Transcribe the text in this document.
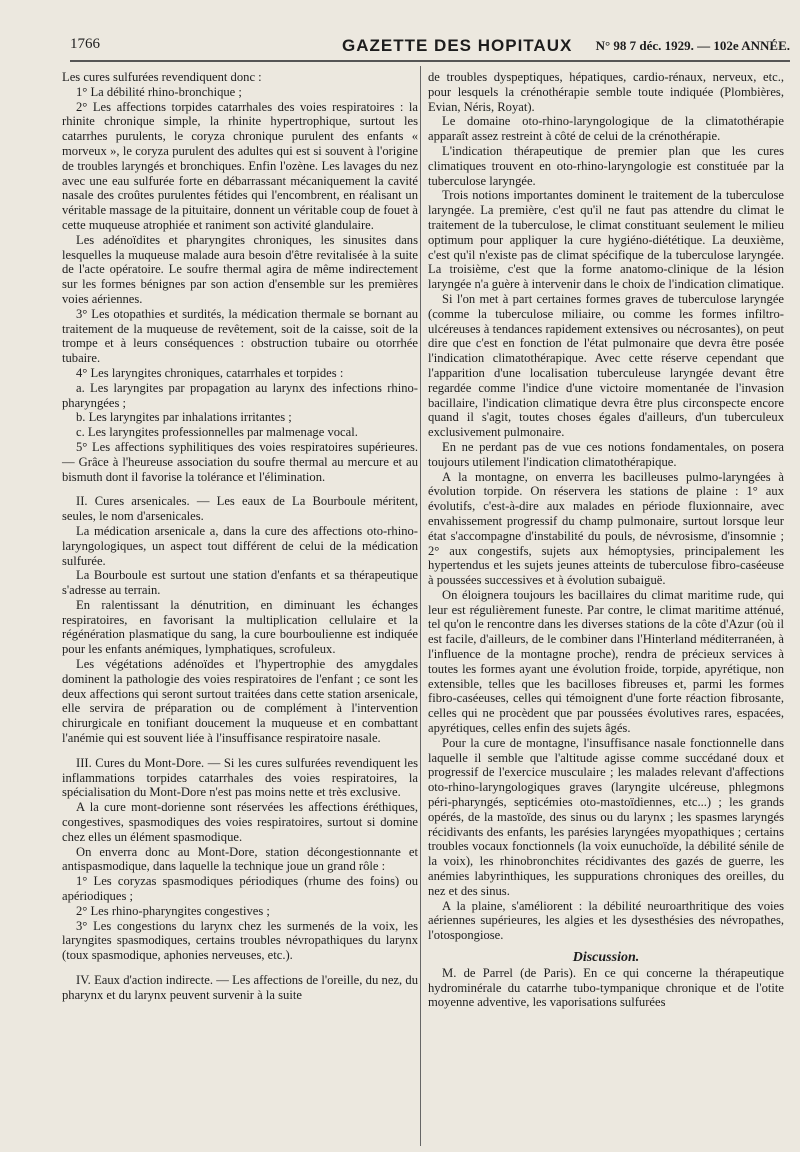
1766	GAZETTE DES HOPITAUX N° 98 7 déc. 1929. — 102e ANNÉE.

Les cures sulfurées revendiquent donc :

1° La débilité rhino-bronchique ;

2° Les affections torpides catarrhales des voies respiratoires : la rhinite chronique simple, la rhinite hypertrophique, surtout les catarrhes purulents, le coryza chronique purulent des enfants « morveux », le coryza purulent des adultes qui est si souvent à l'origine de troubles laryngés et bronchiques. Enfin l'ozène. Les lavages du nez avec une eau sulfurée forte en débarrassant mécaniquement la cavité nasale des croûtes purulentes fétides qui l'encombrent, en réalisant un véritable massage de la pituitaire, donnent un véritable coup de fouet à cette muqueuse atrophiée et raniment son activité glandulaire.

Les adénoïdites et pharyngites chroniques, les sinusites dans lesquelles la muqueuse malade aura besoin d'être revitalisée à la suite de l'acte opératoire. Le soufre thermal agira de même indirectement sur les formes bénignes par son action d'ensemble sur les premières voies aériennes.

3° Les otopathies et surdités, la médication thermale se bornant au traitement de la muqueuse de revêtement, soit de la caisse, soit de la trompe et à leurs conséquences : obstruction tubaire ou otorrhée tubaire.

4° Les laryngites chroniques, catarrhales et torpides :

a. Les laryngites par propagation au larynx des infections rhino-pharyngées ;

b. Les laryngites par inhalations irritantes ;

c. Les laryngites professionnelles par malmenage vocal.

5° Les affections syphilitiques des voies respiratoires supérieures. — Grâce à l'heureuse association du soufre thermal au mercure et au bismuth dont il favorise la tolérance et l'élimination.

II. Cures arsenicales. — Les eaux de La Bourboule méritent, seules, le nom d'arsenicales.

La médication arsenicale a, dans la cure des affections oto-rhino-laryngologiques, un aspect tout différent de celui de la médication sulfurée.

La Bourboule est surtout une station d'enfants et sa thérapeutique s'adresse au terrain.

En ralentissant la dénutrition, en diminuant les échanges respiratoires, en favorisant la multiplication cellulaire et la régénération plasmatique du sang, la cure bourboulienne est indiquée pour les enfants anémiques, lymphatiques, scrofuleux.

Les végétations adénoïdes et l'hypertrophie des amygdales dominent la pathologie des voies respiratoires de l'enfant ; ce sont les deux affections qui seront surtout traitées dans cette station arsenicale, elle servira de préparation ou de complément à l'intervention chirurgicale en tonifiant doucement la muqueuse et en combattant l'anémie qui est souvent liée à l'insuffisance respiratoire nasale.

III. Cures du Mont-Dore. — Si les cures sulfurées revendiquent les inflammations torpides catarrhales des voies respiratoires, la spécialisation du Mont-Dore n'est pas moins nette et très exclusive.

A la cure mont-dorienne sont réservées les affections éréthiques, congestives, spasmodiques des voies respiratoires, surtout si domine chez elles un élément spasmodique.

On enverra donc au Mont-Dore, station décongestionnante et antispasmodique, dans laquelle la technique joue un grand rôle :

1° Les coryzas spasmodiques périodiques (rhume des foins) ou apériodiques ;

2° Les rhino-pharyngites congestives ;

3° Les congestions du larynx chez les surmenés de la voix, les laryngites spasmodiques, certains troubles névropathiques du larynx (toux spasmodique, aphonies nerveuses, etc.).

IV. Eaux d'action indirecte. — Les affections de l'oreille, du nez, du pharynx et du larynx peuvent survenir à la suite

de troubles dyspeptiques, hépatiques, cardio-rénaux, nerveux, etc., pour lesquels la crénothérapie semble toute indiquée (Plombières, Evian, Néris, Royat).

Le domaine oto-rhino-laryngologique de la climatothérapie apparaît assez restreint à côté de celui de la crénothérapie.

L'indication thérapeutique de premier plan que les cures climatiques trouvent en oto-rhino-laryngologie est constituée par la tuberculose laryngée.

Trois notions importantes dominent le traitement de la tuberculose laryngée. La première, c'est qu'il ne faut pas attendre du climat le traitement de la tuberculose, le climat constituant seulement le milieu optimum pour appliquer la cure hygiéno-diététique. La deuxième, c'est qu'il n'existe pas de climat spécifique de la tuberculose laryngée. La troisième, c'est que la forme anatomo-clinique de la lésion laryngée n'a guère à intervenir dans le choix de l'indication climatique.

Si l'on met à part certaines formes graves de tuberculose laryngée (comme la tuberculose miliaire, ou comme les formes infiltro-ulcéreuses à tendances rapidement extensives ou nécrosantes), on peut dire que c'est en fonction de l'état pulmonaire que devra être posée l'indication climatothérapique. Avec cette réserve cependant que l'apparition d'une localisation tuberculeuse laryngée devant être regardée comme l'indice d'une victoire momentanée de l'invasion bacillaire, l'indication climatique devra être plus circonspecte encore quand il s'agit, toutes choses égales d'ailleurs, d'un tuberculeux exclusivement pulmonaire.

En ne perdant pas de vue ces notions fondamentales, on posera toujours utilement l'indication climatothérapique.

A la montagne, on enverra les bacilleuses pulmo-laryngées à évolution torpide. On réservera les stations de plaine : 1° aux évolutifs, c'est-à-dire aux malades en période fluxionnaire, avec envahissement progressif du champ pulmonaire, surtout lorsque leur état s'accompagne d'instabilité du pouls, de névrosisme, d'insomnie ; 2° aux congestifs, sujets aux hémoptysies, principalement les hypertendus et les sujets jeunes atteints de tuberculose fibro-caséeuse à poussées successives et à évolution subaiguë.

On éloignera toujours les bacillaires du climat maritime rude, qui leur est régulièrement funeste. Par contre, le climat maritime atténué, tel qu'on le rencontre dans les diverses stations de la côte d'Azur (où il est facile, d'ailleurs, de le combiner dans l'Hinterland méditerranéen, à l'influence de la montagne proche), rendra de précieux services à toutes les formes ayant une évolution froide, torpide, apyrétique, non extensible, telles que les bacilloses fibreuses et, parmi les formes fibro-caséeuses, celles qui témoignent d'une forte réaction fibrosante, celles qui ne procèdent que par poussées évolutives rares, espacées, apyrétiques, celles enfin des sujets âgés.

Pour la cure de montagne, l'insuffisance nasale fonctionnelle dans laquelle il semble que l'altitude agisse comme succédané doux et progressif de l'exercice musculaire ; les malades relevant d'affections oto-rhino-laryngologiques graves (laryngite ulcéreuse, phlegmons péri-pharyngés, septicémies oto-mastoïdiennes, etc...) ; les grands opérés, de la mastoïde, des sinus ou du larynx ; les spasmes laryngés récidivants des enfants, les parésies laryngées myopathiques ; certains troubles vocaux fonctionnels (la voix eunuchoïde, la débilité sénile de la voix), les rhinobronchites récidivantes des gazés de guerre, les anémies labyrinthiques, les suppurations chroniques des oreilles, du nez et des sinus.

A la plaine, s'améliorent : la débilité neuroarthritique des voies aériennes supérieures, les algies et les dysesthésies des névropathes, l'otospongiose.

Discussion.

M. de Parrel (de Paris). En ce qui concerne la thérapeutique hydrominérale du catarrhe tubo-tympanique chronique et de l'otite moyenne adventive, les vaporisations sulfurées
